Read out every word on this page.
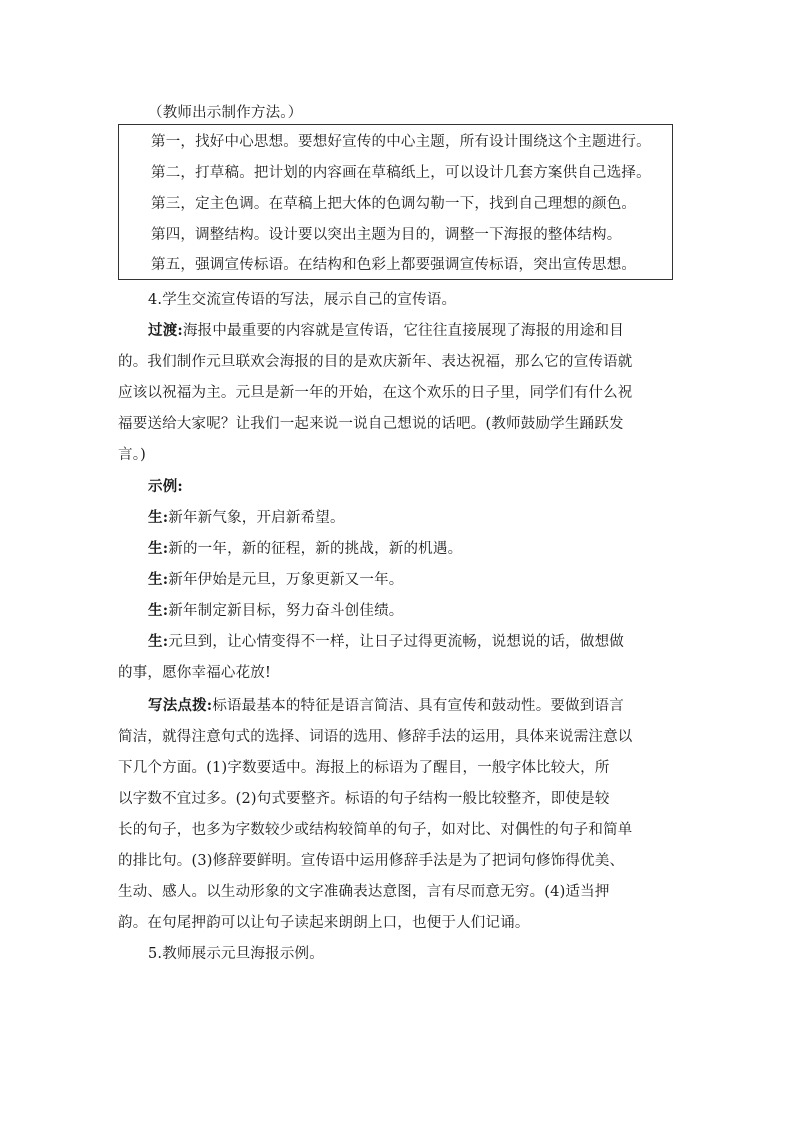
（教师出示制作方法。）
第一，找好中心思想。要想好宣传的中心主题，所有设计围绕这个主题进行。
第二，打草稿。把计划的内容画在草稿纸上，可以设计几套方案供自己选择。
第三，定主色调。在草稿上把大体的色调勾勒一下，找到自己理想的颜色。
第四，调整结构。设计要以突出主题为目的，调整一下海报的整体结构。
第五，强调宣传标语。在结构和色彩上都要强调宣传标语，突出宣传思想。
4.学生交流宣传语的写法，展示自己的宣传语。
过渡:海报中最重要的内容就是宣传语，它往往直接展现了海报的用途和目
的。我们制作元旦联欢会海报的目的是欢庆新年、表达祝福，那么它的宣传语就
应该以祝福为主。元旦是新一年的开始，在这个欢乐的日子里，同学们有什么祝
福要送给大家呢？让我们一起来说一说自己想说的话吧。(教师鼓励学生踊跃发
言。)
示例:
生:新年新气象，开启新希望。
生:新的一年，新的征程，新的挑战，新的机遇。
生:新年伊始是元旦，万象更新又一年。
生:新年制定新目标，努力奋斗创佳绩。
生:元旦到，让心情变得不一样，让日子过得更流畅，说想说的话，做想做
的事，愿你幸福心花放!
写法点拨:标语最基本的特征是语言简洁、具有宣传和鼓动性。要做到语言
简洁，就得注意句式的选择、词语的选用、修辞手法的运用，具体来说需注意以
下几个方面。(1)字数要适中。海报上的标语为了醒目，一般字体比较大，所
以字数不宜过多。(2)句式要整齐。标语的句子结构一般比较整齐，即使是较
长的句子，也多为字数较少或结构较简单的句子，如对比、对偶性的句子和简单
的排比句。(3)修辞要鲜明。宣传语中运用修辞手法是为了把词句修饰得优美、
生动、感人。以生动形象的文字准确表达意图，言有尽而意无穷。(4)适当押
韵。在句尾押韵可以让句子读起来朗朗上口，也便于人们记诵。
5.教师展示元旦海报示例。
